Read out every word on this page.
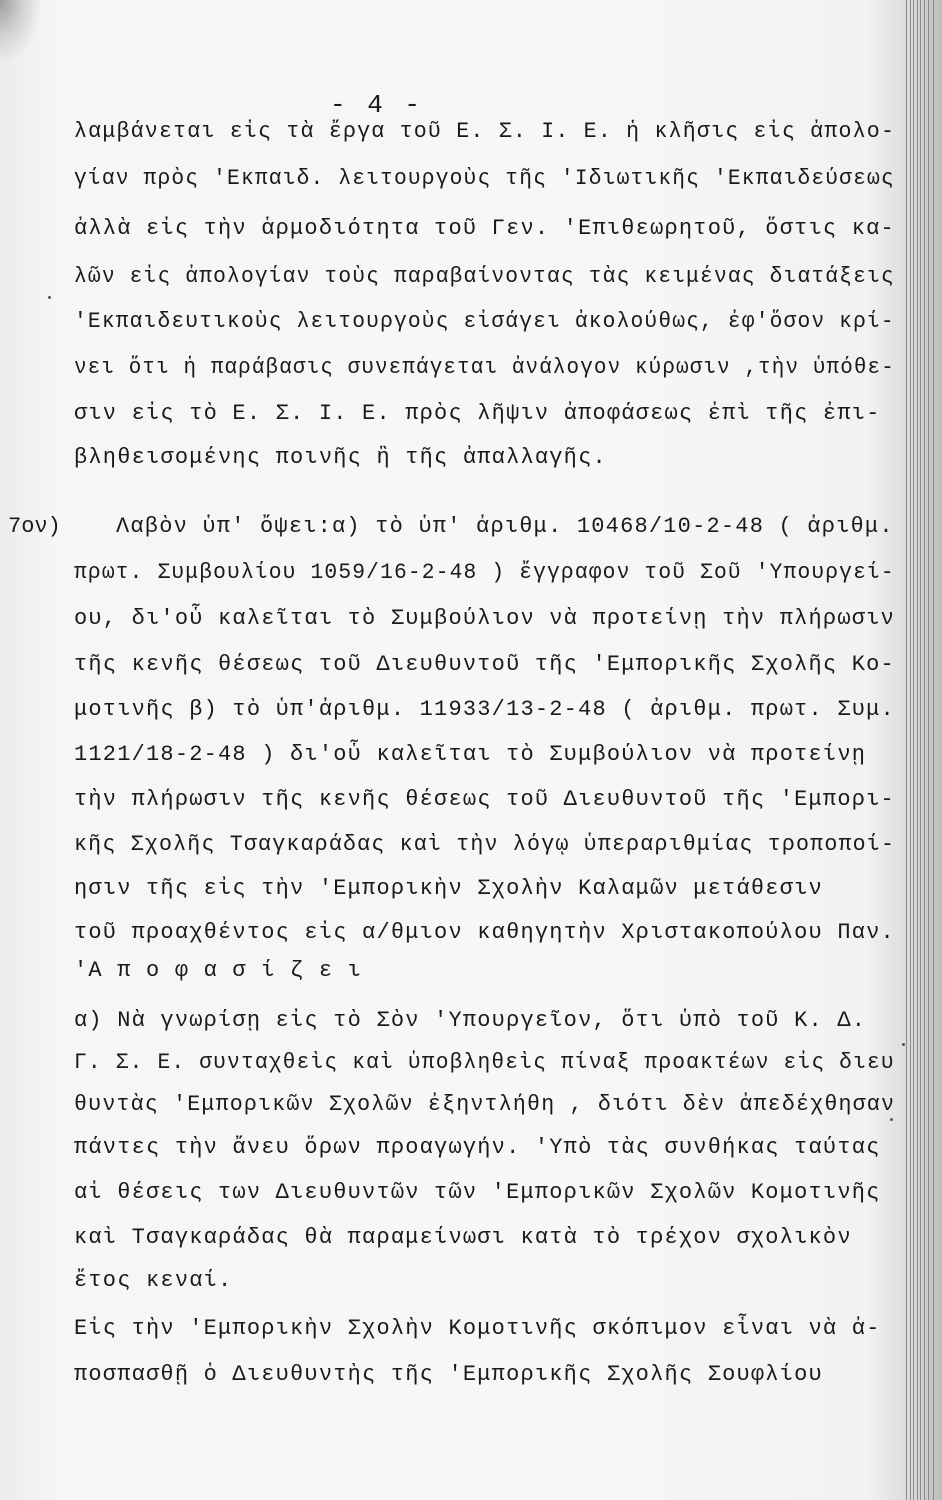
- 4 -
λαμβάνεται εἰς τὰ ἔργα τοῦ Ε. Σ. Ι. Ε. ἡ κλῆσις εἰς ἀπολο-
γίαν πρὸς 'Εκπαιδ. λειτουργοὺς τῆς 'Ιδιωτικῆς 'Εκπαιδεύσεως
ἀλλὰ εἰς τὴν ἁρμοδιότητα τοῦ Γεν. 'Επιθεωρητοῦ, ὅστις κα-
λῶν εἰς ἀπολογίαν τοὺς παραβαίνοντας τὰς κειμένας διατάξεις
'Εκπαιδευτικοὺς λειτουργοὺς εἰσάγει ἀκολούθως, ἐφ'ὅσον κρί-
νει ὅτι ἡ παράβασις συνεπάγεται ἀνάλογον κύρωσιν ,τὴν ὑπόθε-
σιν εἰς τὸ Ε. Σ. Ι. Ε. πρὸς λῆψιν ἀποφάσεως ἐπὶ τῆς ἐπι-
βληθεισομένης ποινῆς ἢ τῆς ἀπαλλαγῆς.
7ον)	Λαβὸν ὑπ' ὄψει:α) τὸ ὑπ' ἀριθμ. 10468/10-2-48 ( ἀριθμ.
πρωτ. Συμβουλίου 1059/16-2-48 ) ἔγγραφον τοῦ Σοῦ 'Υπουργεί-
ου, δι'οὗ καλεῖται τὸ Συμβούλιον νὰ προτείνῃ τὴν πλήρωσιν
τῆς κενῆς θέσεως τοῦ Διευθυντοῦ τῆς 'Εμπορικῆς Σχολῆς Κο-
μοτινῆς β) τὸ ὑπ'ἀριθμ. 11933/13-2-48 ( ἀριθμ. πρωτ. Συμ.
1121/18-2-48 ) δι'οὗ καλεῖται τὸ Συμβούλιον νὰ προτείνῃ
τὴν πλήρωσιν τῆς κενῆς θέσεως τοῦ Διευθυντοῦ τῆς 'Εμπορι-
κῆς Σχολῆς Τσαγκαράδας καὶ τὴν λόγῳ ὑπεραριθμίας τροποποί-
ησιν τῆς εἰς τὴν 'Εμπορικὴν Σχολὴν Καλαμῶν μετάθεσιν
τοῦ προαχθέντος εἰς α/θμιον καθηγητὴν Χριστακοπούλου Παν.
'Α π ο φ α σ ί ζ ε ι
α) Νὰ γνωρίσῃ εἰς τὸ Σὸν 'Υπουργεῖον, ὅτι ὑπὸ τοῦ Κ. Δ.
Γ. Σ. Ε. συνταχθεὶς καὶ ὑποβληθεὶς πίναξ προακτέων εἰς διευ
θυντὰς 'Εμπορικῶν Σχολῶν ἐξηντλήθη , διότι δὲν ἀπεδέχθησαν
πάντες τὴν ἄνευ ὅρων προαγωγήν. 'Υπὸ τὰς συνθήκας ταύτας
αἱ θέσεις των Διευθυντῶν τῶν 'Εμπορικῶν Σχολῶν Κομοτινῆς
καὶ Τσαγκαράδας θὰ παραμείνωσι κατὰ τὸ τρέχον σχολικὸν
ἔτος κεναί.
Εἰς τὴν 'Εμπορικὴν Σχολὴν Κομοτινῆς σκόπιμον εἶναι νὰ ἀ-
ποσπασθῇ ὁ Διευθυντὴς τῆς 'Εμπορικῆς Σχολῆς Σουφλίου
